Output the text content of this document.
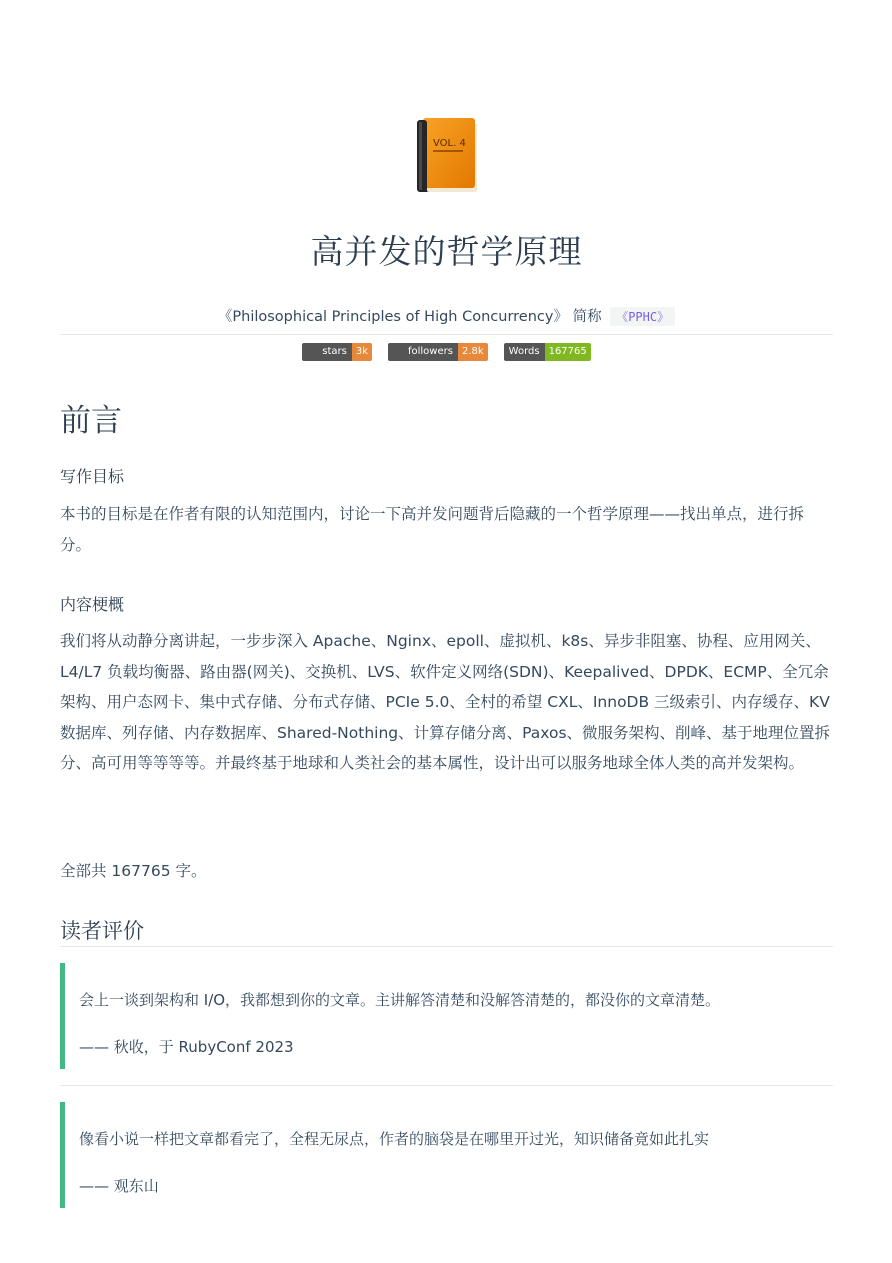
VOL. 4
高并发的哲学原理

《Philosophical Principles of High Concurrency》 简称 《PPHC》

stars 3k
	followers 2.8k
	Words 167765
前言
写作目标

本书的目标是在作者有限的认知范围内，讨论一下高并发问题背后隐藏的一个哲学原理——找出单点，进行拆分。

内容梗概

我们将从动静分离讲起，一步步深入 Apache、Nginx、epoll、虚拟机、k8s、异步非阻塞、协程、应用网关、L4/L7 负载均衡器、路由器(网关)、交换机、LVS、软件定义网络(SDN)、Keepalived、DPDK、ECMP、全冗余架构、用户态网卡、集中式存储、分布式存储、PCIe 5.0、全村的希望 CXL、InnoDB 三级索引、内存缓存、KV 数据库、列存储、内存数据库、Shared-Nothing、计算存储分离、Paxos、微服务架构、削峰、基于地理位置拆分、高可用等等等等。并最终基于地球和人类社会的基本属性，设计出可以服务地球全体人类的高并发架构。

全部共 167765 字。

读者评价

会上一谈到架构和 I/O，我都想到你的文章。主讲解答清楚和没解答清楚的，都没你的文章清楚。

—— 秋收，于 RubyConf 2023

像看小说一样把文章都看完了，全程无尿点，作者的脑袋是在哪里开过光，知识储备竟如此扎实

—— 观东山
